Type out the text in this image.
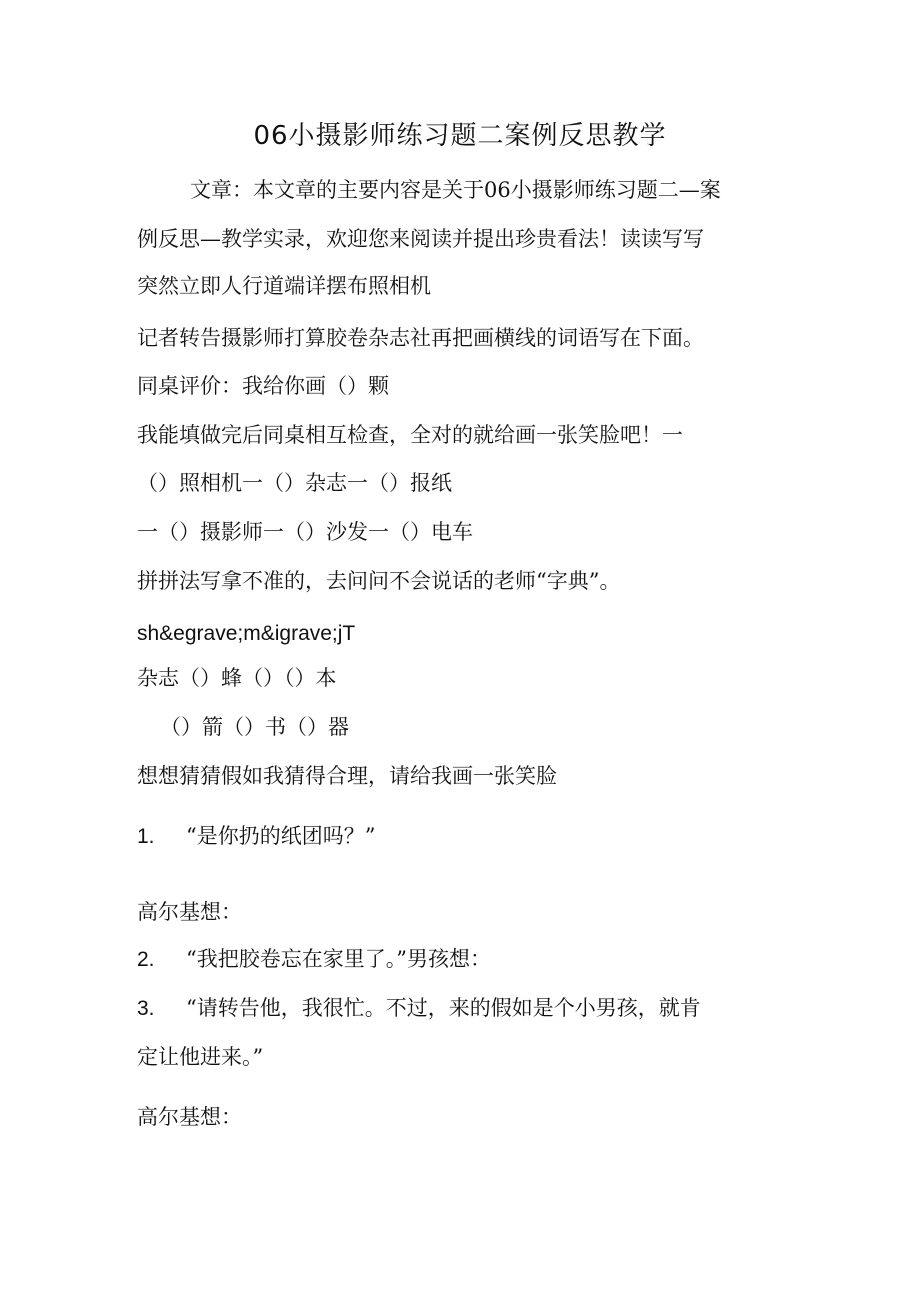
06小摄影师练习题二案例反思教学
文章：本文章的主要内容是关于06小摄影师练习题二—案
例反思—教学实录，欢迎您来阅读并提出珍贵看法！读读写写
突然立即人行道端详摆布照相机
记者转告摄影师打算胶卷杂志社再把画横线的词语写在下面。
同桌评价：我给你画（）颗
我能填做完后同桌相互检查，全对的就给画一张笑脸吧！一
（）照相机一（）杂志一（）报纸
一（）摄影师一（）沙发一（）电车
拼拼法写拿不准的，去问问不会说话的老师“字典”。
sh&egrave;m&igrave;jT
杂志（）蜂（）（）本
（）箭（）书（）器
想想猜猜假如我猜得合理，请给我画一张笑脸
1. “是你扔的纸团吗？”
高尔基想：
2. “我把胶卷忘在家里了。”男孩想：
3. “请转告他，我很忙。不过，来的假如是个小男孩，就肯
定让他进来。”
高尔基想：
